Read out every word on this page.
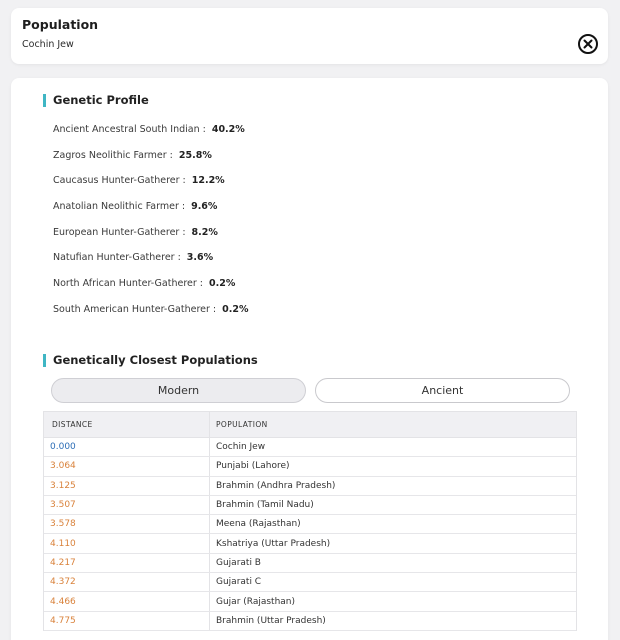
Population
Cochin Jew
Genetic Profile
Ancient Ancestral South Indian : 40.2%
Zagros Neolithic Farmer : 25.8%
Caucasus Hunter-Gatherer : 12.2%
Anatolian Neolithic Farmer : 9.6%
European Hunter-Gatherer : 8.2%
Natufian Hunter-Gatherer : 3.6%
North African Hunter-Gatherer : 0.2%
South American Hunter-Gatherer : 0.2%
Genetically Closest Populations
Modern	Ancient
DISTANCE	POPULATION
0.000	Cochin Jew
3.064	Punjabi (Lahore)
3.125	Brahmin (Andhra Pradesh)
3.507	Brahmin (Tamil Nadu)
3.578	Meena (Rajasthan)
4.110	Kshatriya (Uttar Pradesh)
4.217	Gujarati B
4.372	Gujarati C
4.466	Gujar (Rajasthan)
4.775	Brahmin (Uttar Pradesh)
